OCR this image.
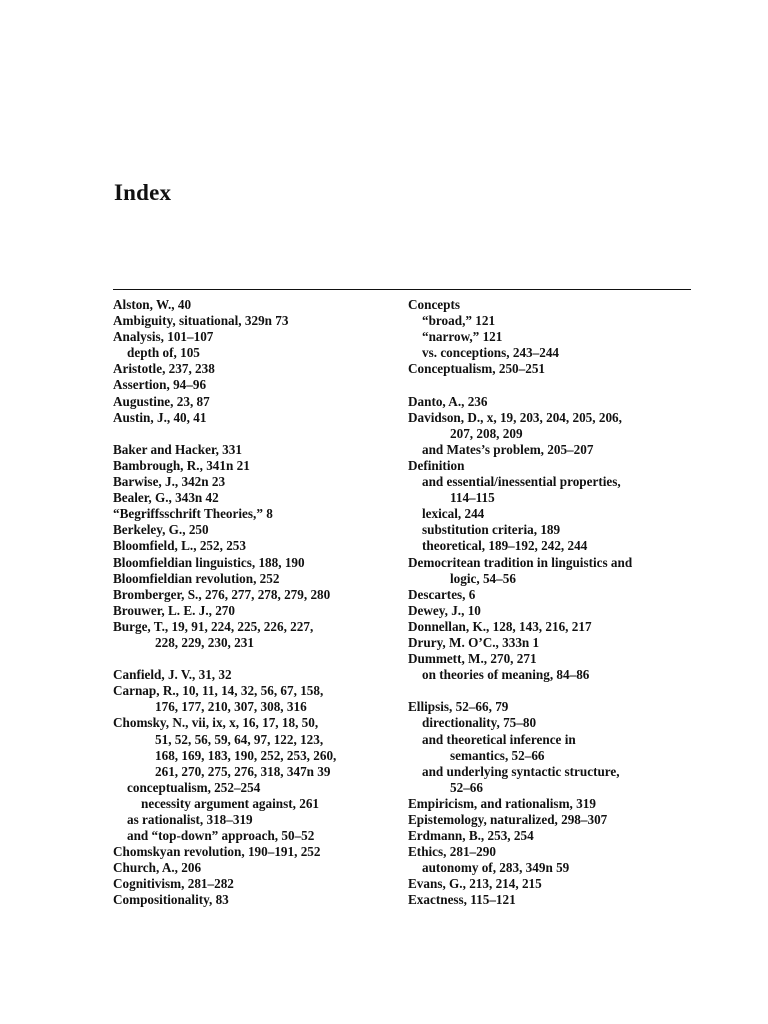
Index
Alston, W., 40
Ambiguity, situational, 329n 73
Analysis, 101–107
depth of, 105
Aristotle, 237, 238
Assertion, 94–96
Augustine, 23, 87
Austin, J., 40, 41
Baker and Hacker, 331
Bambrough, R., 341n 21
Barwise, J., 342n 23
Bealer, G., 343n 42
“Begriffsschrift Theories,” 8
Berkeley, G., 250
Bloomfield, L., 252, 253
Bloomfieldian linguistics, 188, 190
Bloomfieldian revolution, 252
Bromberger, S., 276, 277, 278, 279, 280
Brouwer, L. E. J., 270
Burge, T., 19, 91, 224, 225, 226, 227,
228, 229, 230, 231
Canfield, J. V., 31, 32
Carnap, R., 10, 11, 14, 32, 56, 67, 158,
176, 177, 210, 307, 308, 316
Chomsky, N., vii, ix, x, 16, 17, 18, 50,
51, 52, 56, 59, 64, 97, 122, 123,
168, 169, 183, 190, 252, 253, 260,
261, 270, 275, 276, 318, 347n 39
conceptualism, 252–254
necessity argument against, 261
as rationalist, 318–319
and “top-down” approach, 50–52
Chomskyan revolution, 190–191, 252
Church, A., 206
Cognitivism, 281–282
Compositionality, 83
Concepts
“broad,” 121
“narrow,” 121
vs. conceptions, 243–244
Conceptualism, 250–251
Danto, A., 236
Davidson, D., x, 19, 203, 204, 205, 206,
207, 208, 209
and Mates’s problem, 205–207
Definition
and essential/inessential properties,
114–115
lexical, 244
substitution criteria, 189
theoretical, 189–192, 242, 244
Democritean tradition in linguistics and
logic, 54–56
Descartes, 6
Dewey, J., 10
Donnellan, K., 128, 143, 216, 217
Drury, M. O’C., 333n 1
Dummett, M., 270, 271
on theories of meaning, 84–86
Ellipsis, 52–66, 79
directionality, 75–80
and theoretical inference in
semantics, 52–66
and underlying syntactic structure,
52–66
Empiricism, and rationalism, 319
Epistemology, naturalized, 298–307
Erdmann, B., 253, 254
Ethics, 281–290
autonomy of, 283, 349n 59
Evans, G., 213, 214, 215
Exactness, 115–121
